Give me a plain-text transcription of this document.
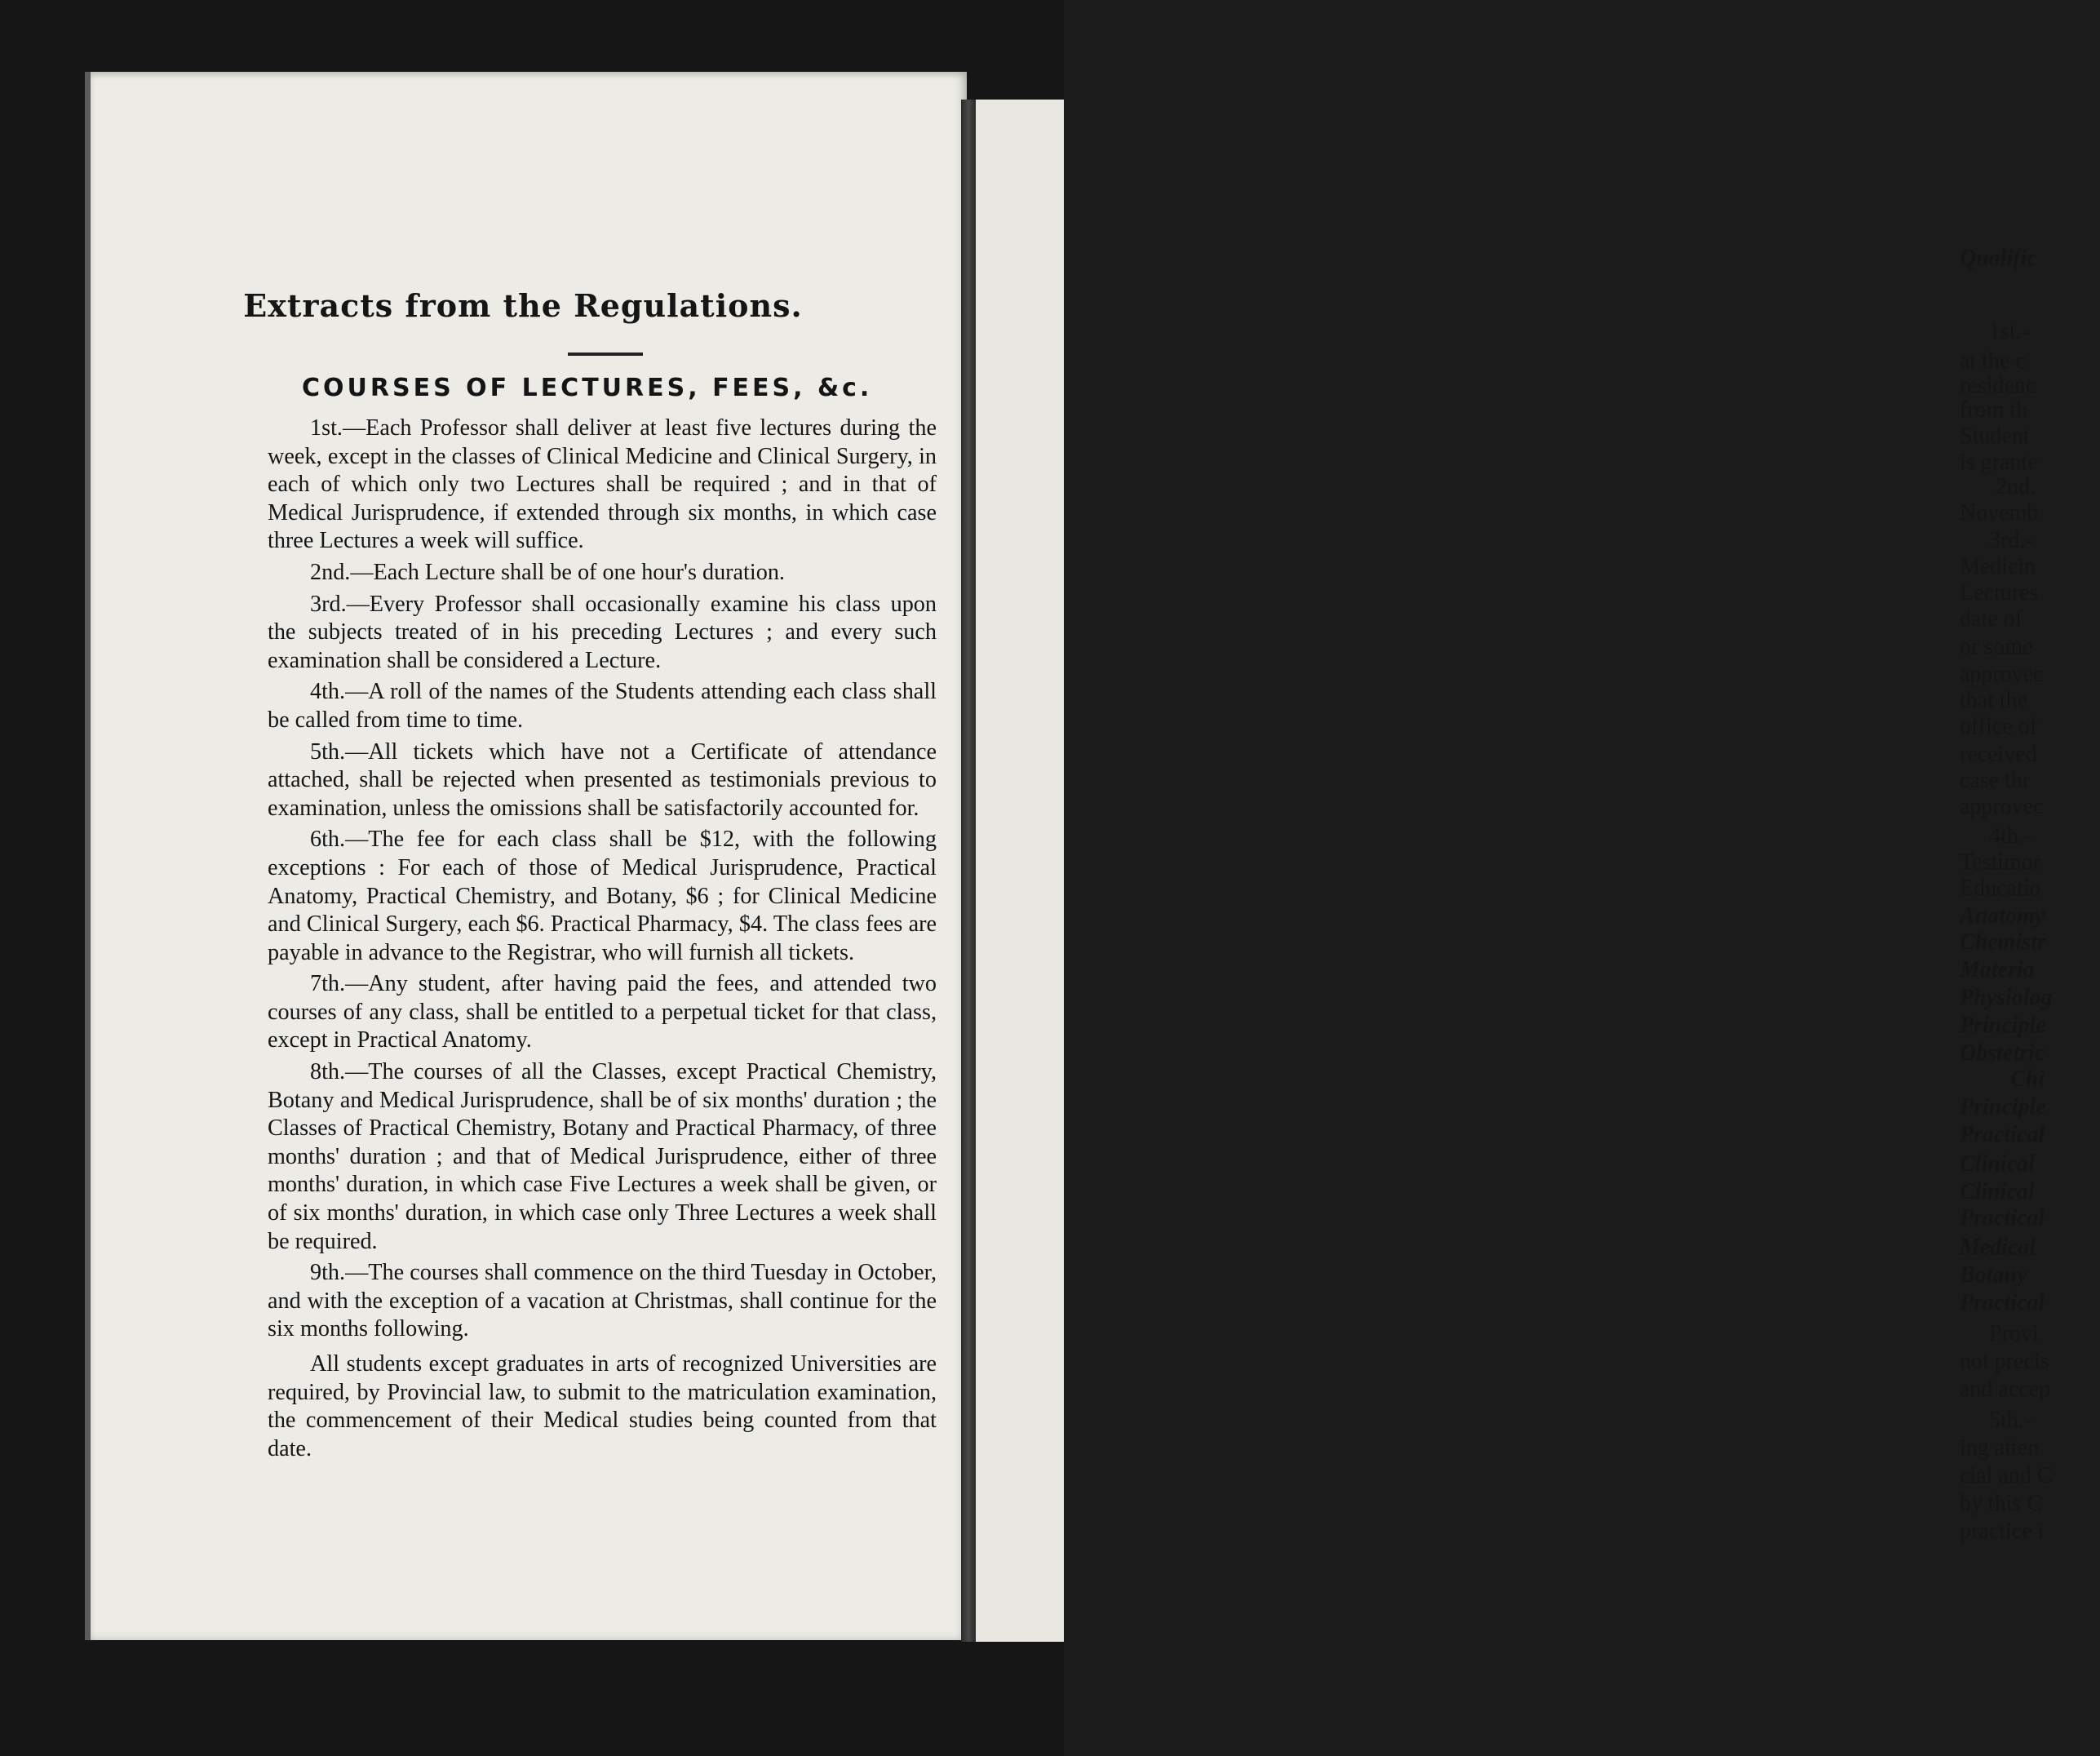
Qualific
1st.-
at the c
residenc
from th
Student
is grante
2nd.
Novemb
3rd.-
Medicin
Lectures
date of
or some
approvec
that the
office of
received
case thr
approvec
4th.-
Testimor
Educatio
Anatomy
Chemistr
Materia
Physiolog
Principle
Obstetric
Chi
Principle
Practical
Clinical
Clinical
Practical
Medical
Botany
Practical
Provi
not precis
and accep
5th.-
ing atten
cial and C
by this C
practice i
Extracts from the Regulations.
COURSES OF LECTURES, FEES, &c.

1st.—Each Professor shall deliver at least five lectures during the week, except in the classes of Clinical Medicine and Clinical Surgery, in each of which only two Lectures shall be required ; and in that of Medical Jurisprudence, if extended through six months, in which case three Lectures a week will suffice.

2nd.—Each Lecture shall be of one hour's duration.

3rd.—Every Professor shall occasionally examine his class upon the subjects treated of in his preceding Lectures ; and every such examination shall be considered a Lecture.

4th.—A roll of the names of the Students attending each class shall be called from time to time.

5th.—All tickets which have not a Certificate of attendance attached, shall be rejected when presented as testimonials previous to examination, unless the omissions shall be satisfactorily accounted for.

6th.—The fee for each class shall be $12, with the following exceptions : For each of those of Medical Jurisprudence, Practical Anatomy, Practical Chemistry, and Botany, $6 ; for Clinical Medicine and Clinical Surgery, each $6. Practical Pharmacy, $4. The class fees are payable in advance to the Registrar, who will furnish all tickets.

7th.—Any student, after having paid the fees, and attended two courses of any class, shall be entitled to a perpetual ticket for that class, except in Practical Anatomy.

8th.—The courses of all the Classes, except Practical Chemistry, Botany and Medical Jurisprudence, shall be of six months' duration ; the Classes of Practical Chemistry, Botany and Practical Pharmacy, of three months' duration ; and that of Medical Jurisprudence, either of three months' duration, in which case Five Lectures a week shall be given, or of six months' duration, in which case only Three Lectures a week shall be required.

9th.—The courses shall commence on the third Tuesday in October, and with the exception of a vacation at Christmas, shall continue for the six months following.

All students except graduates in arts of recognized Universities are required, by Provincial law, to submit to the matriculation examination, the commencement of their Medical studies being counted from that date.
